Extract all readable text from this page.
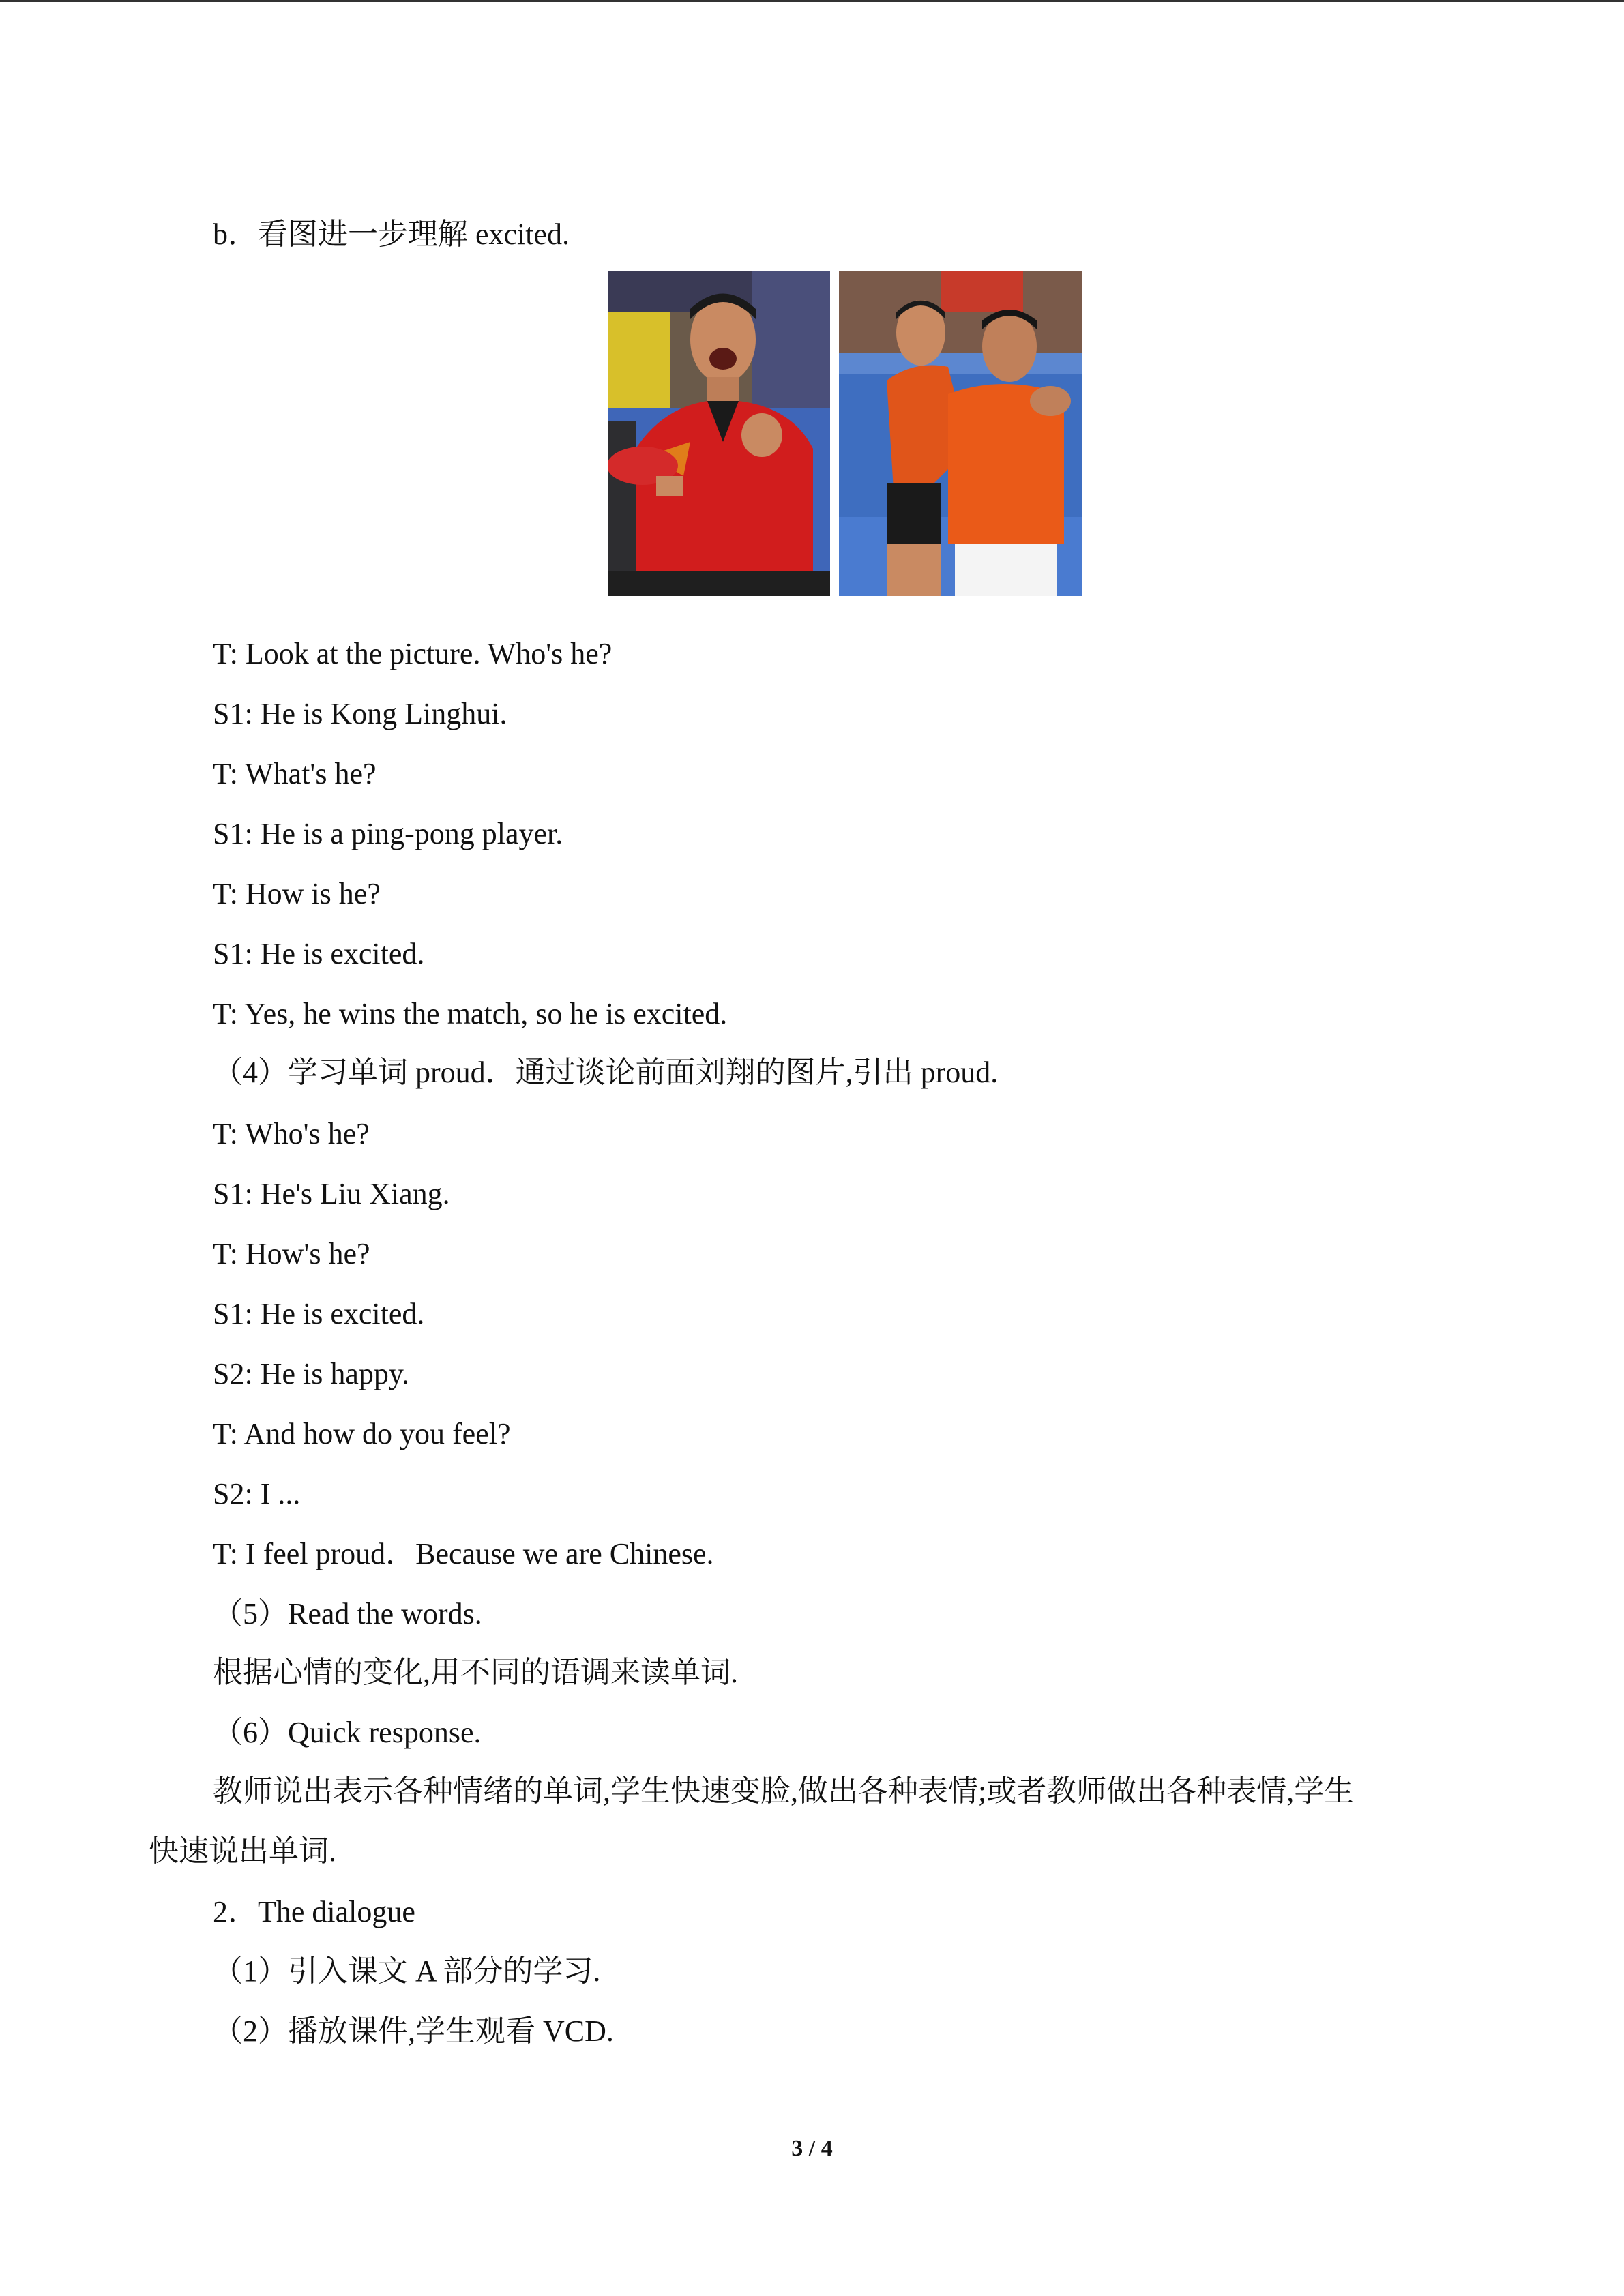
b．看图进一步理解 excited.
T: Look at the picture. Who's he?
S1: He is Kong Linghui.
T: What's he?
S1: He is a ping-pong player.
T: How is he?
S1: He is excited.
T: Yes, he wins the match, so he is excited.
（4）学习单词 proud．通过谈论前面刘翔的图片,引出 proud.
T: Who's he?
S1: He's Liu Xiang.
T: How's he?
S1: He is excited.
S2: He is happy.
T: And how do you feel?
S2: I ...
T: I feel proud．Because we are Chinese.
（5）Read the words.
根据心情的变化,用不同的语调来读单词.
（6）Quick response.
教师说出表示各种情绪的单词,学生快速变脸,做出各种表情;或者教师做出各种表情,学生
快速说出单词.
2．The dialogue
（1）引入课文 A 部分的学习.
（2）播放课件,学生观看 VCD.
3 / 4
